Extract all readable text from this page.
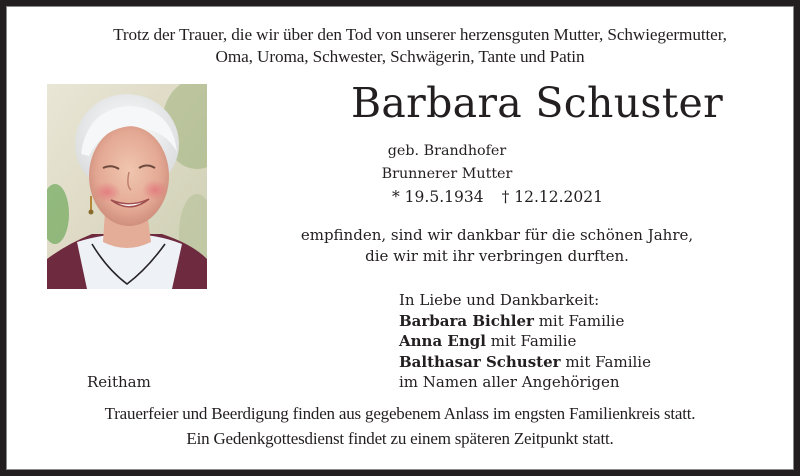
Trotz der Trauer, die wir über den Tod von unserer herzensguten Mutter, Schwiegermutter,
Oma, Uroma, Schwester, Schwägerin, Tante und Patin
Barbara Schuster
geb. Brandhofer
Brunnerer Mutter
* 19.5.1934 † 12.12.2021
empfinden, sind wir dankbar für die schönen Jahre,
die wir mit ihr verbringen durften.
In Liebe und Dankbarkeit:
Barbara Bichler mit Familie
Anna Engl mit Familie
Balthasar Schuster mit Familie
im Namen aller Angehörigen
Reitham
Trauerfeier und Beerdigung finden aus gegebenem Anlass im engsten Familienkreis statt.
Ein Gedenkgottesdienst findet zu einem späteren Zeitpunkt statt.
